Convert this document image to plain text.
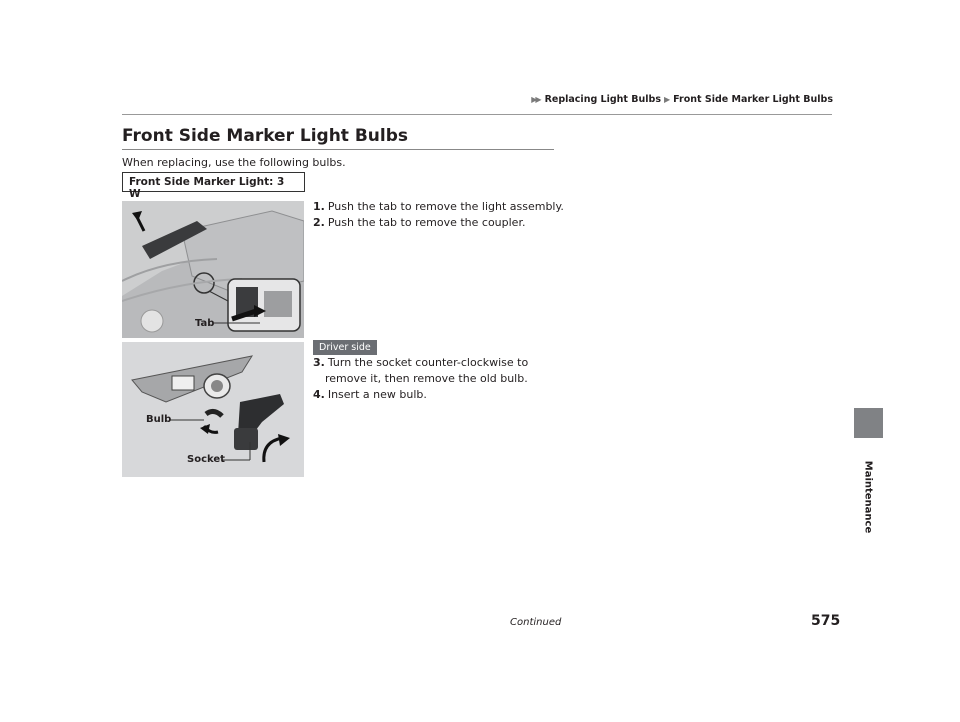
▶▶ Replacing Light Bulbs ▶ Front Side Marker Light Bulbs
Front Side Marker Light Bulbs

When replacing, use the following bulbs.

Front Side Marker Light: 3 W
Tab
1. Push the tab to remove the light assembly.
2. Push the tab to remove the coupler.
Driver side
Bulb
Socket
3. Turn the socket counter-clockwise to
remove it, then remove the old bulb.
4. Insert a new bulb.
Maintenance
Continued	575
